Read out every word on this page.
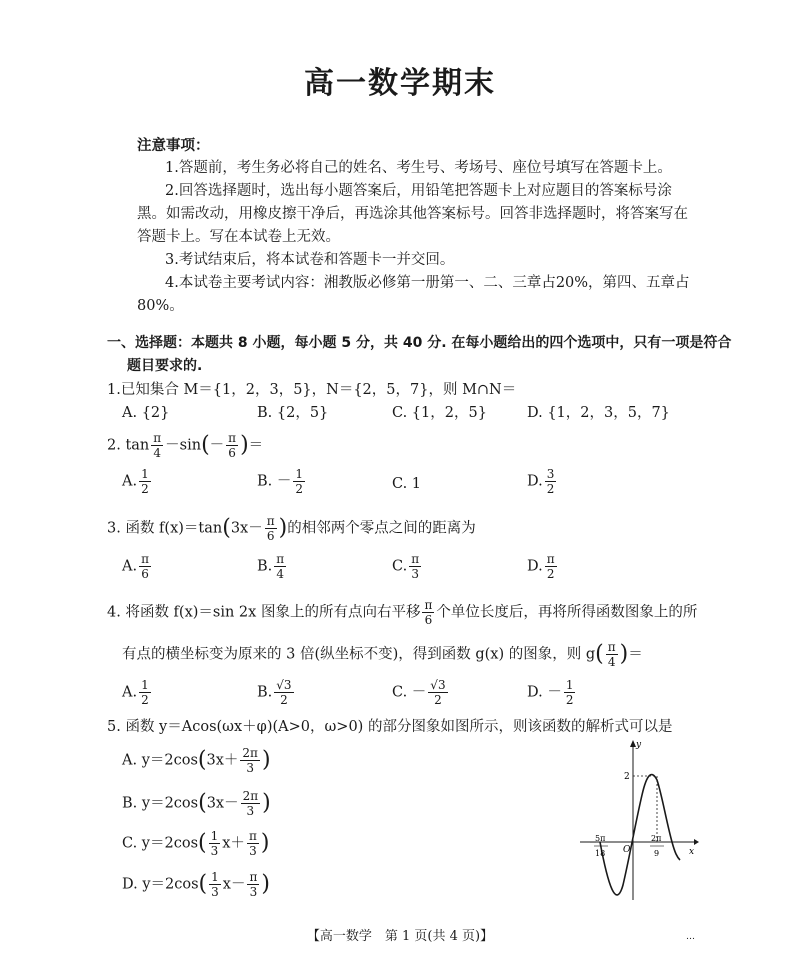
高一数学期末
注意事项：
1.答题前，考生务必将自己的姓名、考生号、考场号、座位号填写在答题卡上。
2.回答选择题时，选出每小题答案后，用铅笔把答题卡上对应题目的答案标号涂
黑。如需改动，用橡皮擦干净后，再选涂其他答案标号。回答非选择题时，将答案写在
答题卡上。写在本试卷上无效。
3.考试结束后，将本试卷和答题卡一并交回。
4.本试卷主要考试内容：湘教版必修第一册第一、二、三章占20%，第四、五章占
80%。
一、选择题：本题共 8 小题，每小题 5 分，共 40 分. 在每小题给出的四个选项中，只有一项是符合
题目要求的.
1.已知集合 M＝{1，2，3，5}，N＝{2，5，7}，则 M∩N＝
A. {2}	B. {2，5}	C. {1，2，5}	D. {1，2，3，5，7}
2. $\tan \frac{\pi}{4} -\sin(- \frac{\pi}{6}$ )＝
A. $\frac{1}{2}$	B. － $\frac{1}{2}$	C. 1	D. $\frac{3}{2}$
3. 函数 $f(x)=\tan(3x- \frac{\pi}{6}$ )的相邻两个零点之间的距离为
A. $\frac{\pi}{6}$	B. $\frac{\pi}{4}$	C. $\frac{\pi}{3}$	D. $\frac{\pi}{2}$
4. 将函数 f(x)＝sin 2x 图象上的所有点向右平移 $\frac{\pi}{6}$ 个单位长度后，再将所得函数图象上的所
有点的横坐标变为原来的 3 倍(纵坐标不变)，得到函数 g(x) 的图象，则 $g( \frac{\pi}{4}$ )＝
A. $\frac{1}{2}$	B. $\frac{√3}{2}$	C. － $\frac{√3}{2}$	D. － $\frac{1}{2}$
5. 函数 y＝Acos(ωx＋φ)(A>0，ω>0) 的部分图象如图所示，则该函数的解析式可以是
A. $y=2\cos(3x+ \frac{2\pi}{3}$ )
B. $y=2\cos(3x- \frac{2\pi}{3}$ )
C. $y=2\cos( \frac{1}{3} x+ \frac{\pi}{3}$ )
D. $y=2\cos( \frac{1}{3} x- \frac{\pi}{3}$ )
y
x
O
2
－
5π
18
2π
9
【高一数学　第 1 页(共 4 页)】	…
